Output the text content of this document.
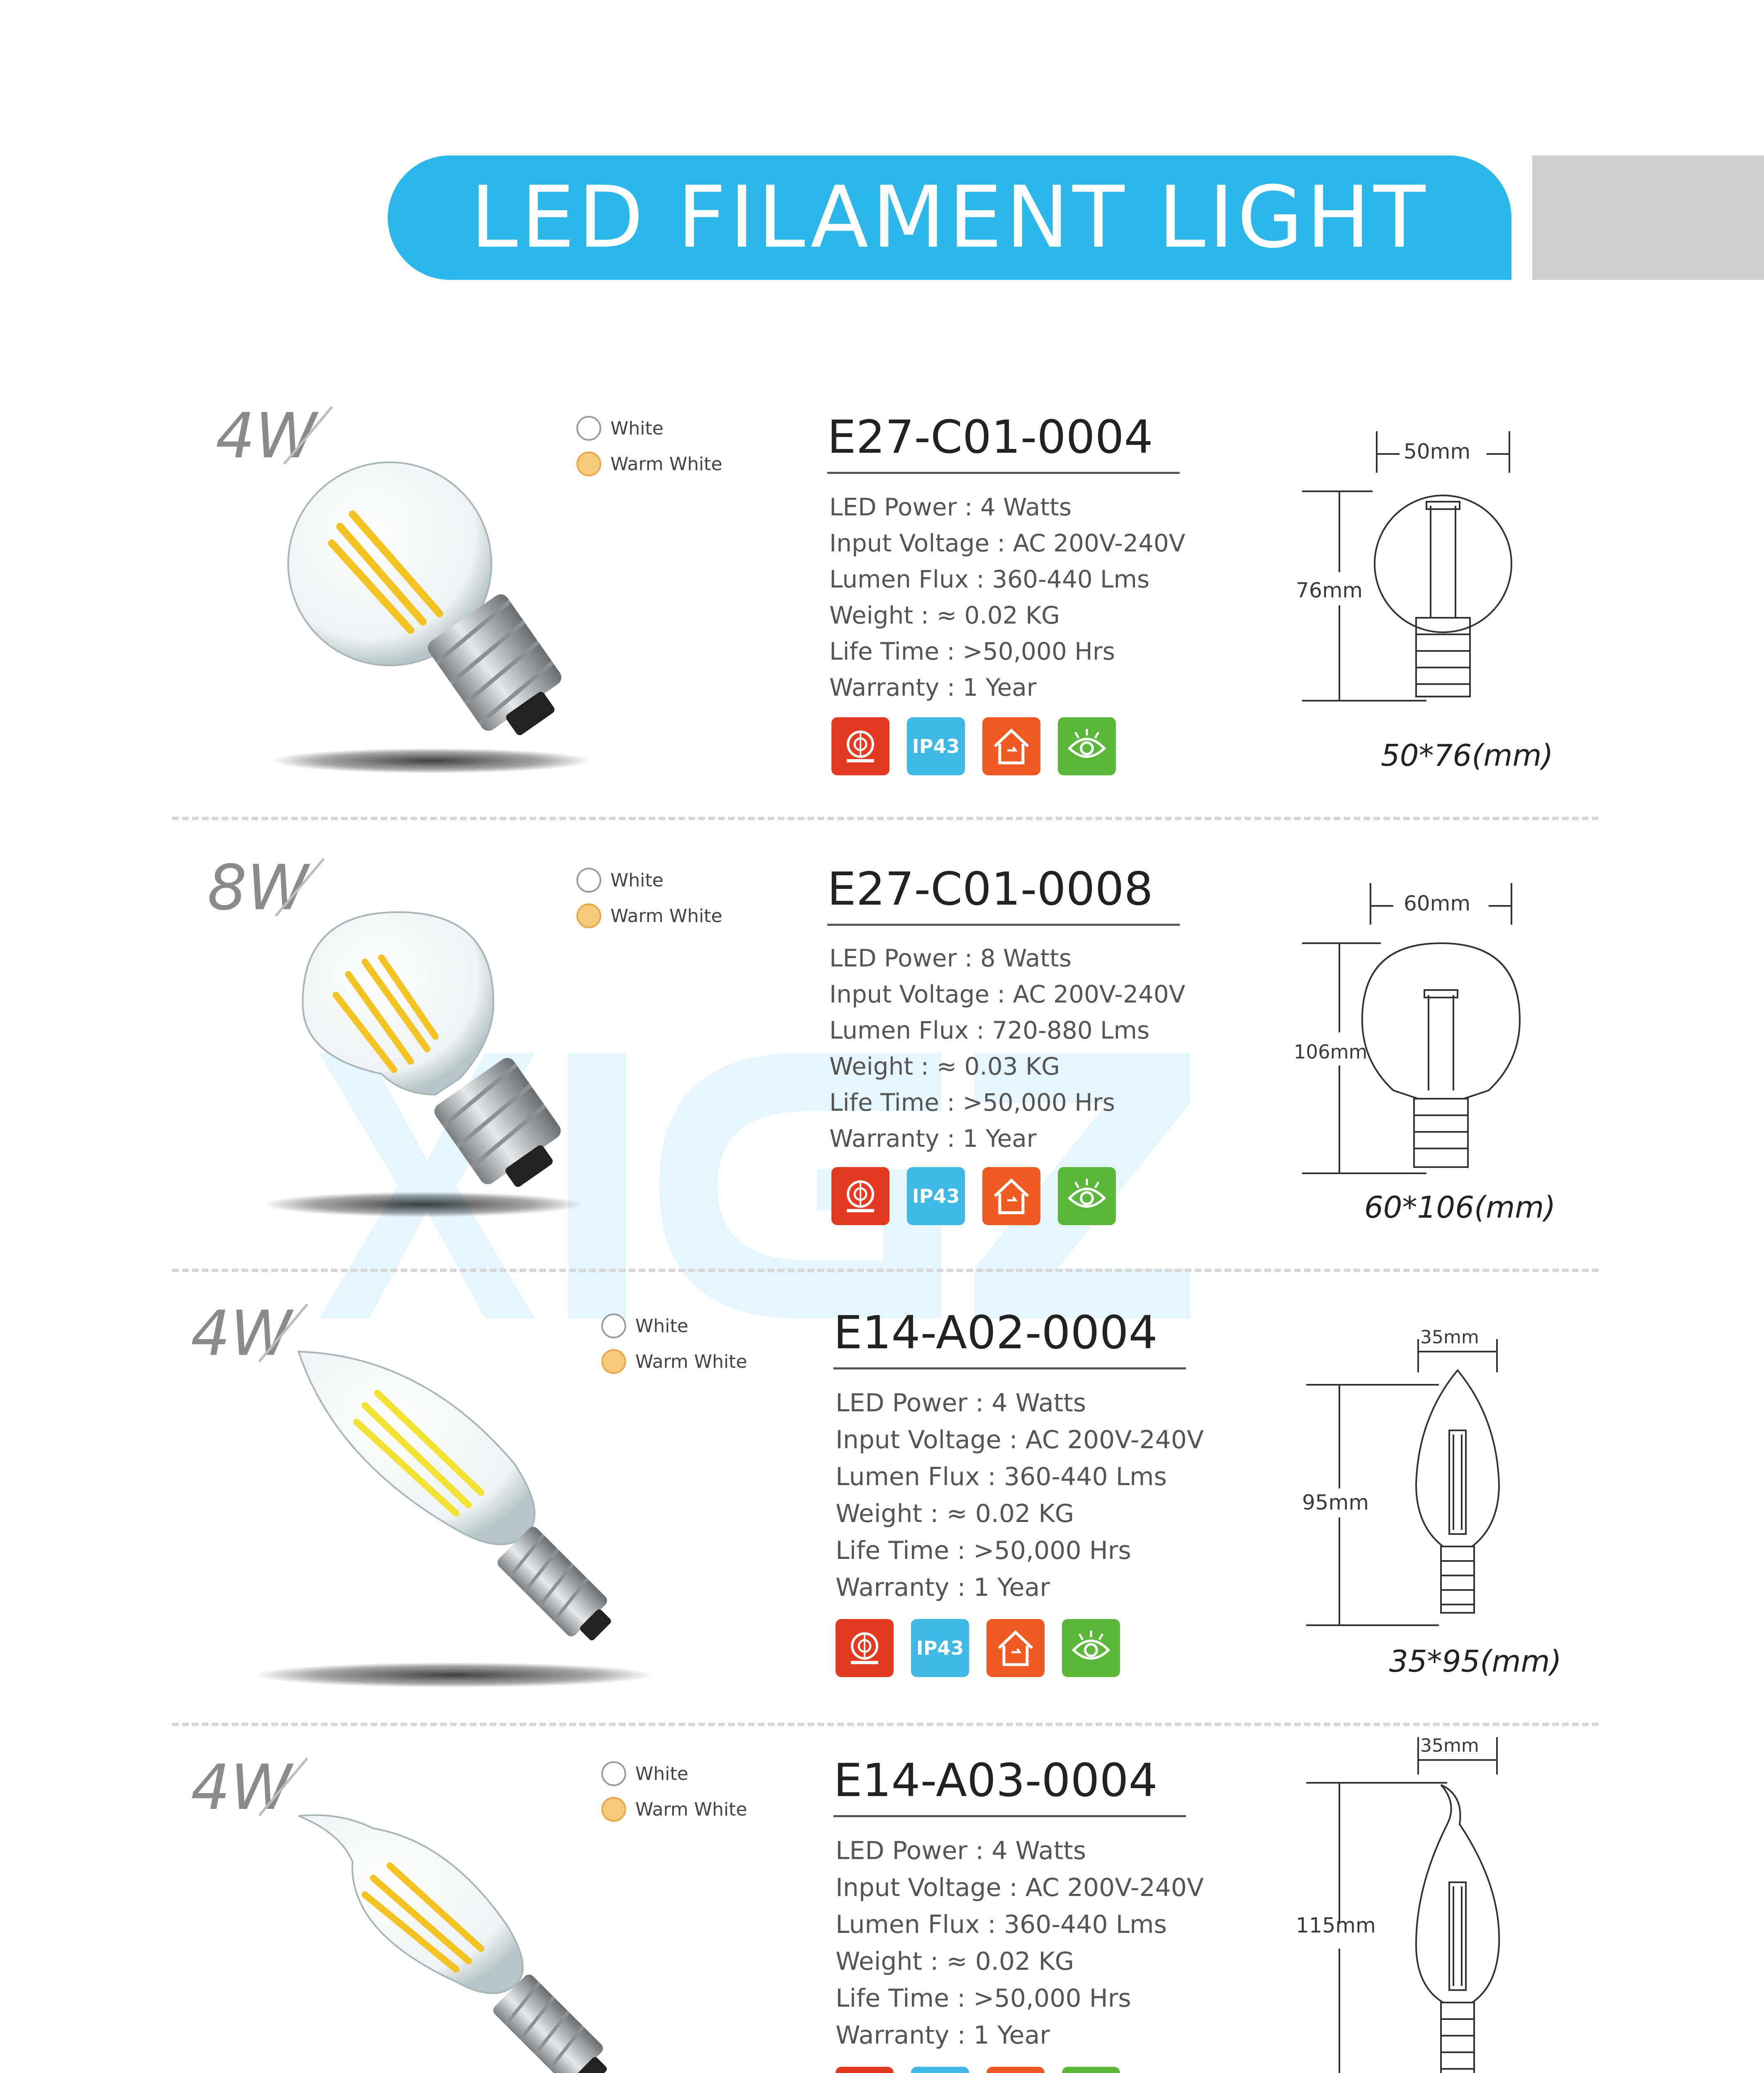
LED FILAMENT LIGHT
4W	White
Warm White
E27-C01-0004
LED Power : 4 Watts
Input Voltage : AC 200V-240V
Lumen Flux : 360-440 Lms
Weight : ≈ 0.02 KG
Life Time : >50,000 Hrs
Warranty : 1 Year
IP43
50mm
76mm
50*76(mm)
8W	White
Warm White
E27-C01-0008
LED Power : 8 Watts
Input Voltage : AC 200V-240V
Lumen Flux : 720-880 Lms
Weight : ≈ 0.03 KG
Life Time : >50,000 Hrs
Warranty : 1 Year
IP43
60mm
106mm
60*106(mm)
4W	White
Warm White
E14-A02-0004
LED Power : 4 Watts
Input Voltage : AC 200V-240V
Lumen Flux : 360-440 Lms
Weight : ≈ 0.02 KG
Life Time : >50,000 Hrs
Warranty : 1 Year
IP43
35mm
95mm
35*95(mm)
4W	White
Warm White
E14-A03-0004
LED Power : 4 Watts
Input Voltage : AC 200V-240V
Lumen Flux : 360-440 Lms
Weight : ≈ 0.02 KG
Life Time : >50,000 Hrs
Warranty : 1 Year
35mm
115mm
